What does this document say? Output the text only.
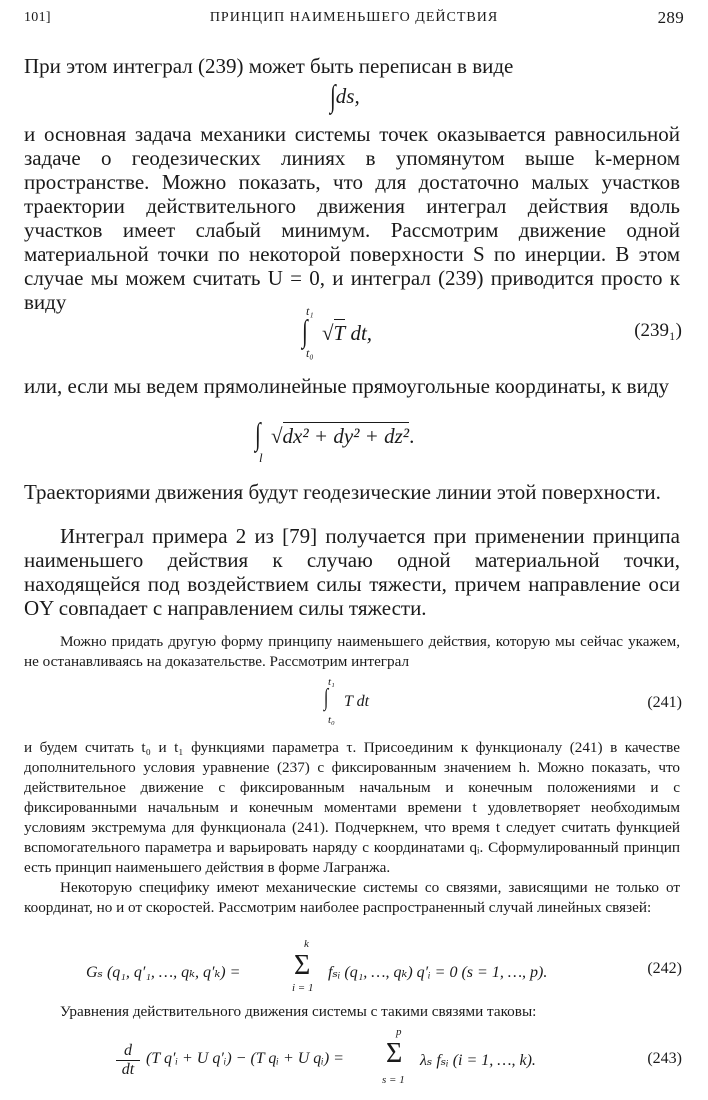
101]	ПРИНЦИП НАИМЕНЬШЕГО ДЕЙСТВИЯ	289

При этом интеграл (239) может быть переписан в виде

∫ds,

и основная задача механики системы точек оказывается равносильной задаче о геодезических линиях в упомянутом выше k-мерном пространстве. Можно показать, что для достаточно малых участков траектории действительного движения интеграл действия вдоль участков имеет слабый минимум. Рассмотрим движение одной материальной точки по некоторой поверхности S по инерции. В этом случае мы можем считать U = 0, и интеграл (239) приводится просто к виду	t₁
∫
t₀
√T dt,	(239₁)

или, если мы ведем прямолинейные прямоугольные координаты, к виду

∫
l
√dx² + dy² + dz².

Траекториями движения будут геодезические линии этой поверхности.

Интеграл примера 2 из [79] получается при применении принципа наименьшего действия к случаю одной материальной точки, находящейся под воздействием силы тяжести, причем направление оси OY совпадает с направлением силы тяжести.

Можно придать другую форму принципу наименьшего действия, которую мы сейчас укажем, не останавливаясь на доказательстве. Рассмотрим интеграл

t₁
∫
t₀
T dt	(241)

и будем считать t₀ и t₁ функциями параметра τ. Присоединим к функционалу (241) в качестве дополнительного условия уравнение (237) с фиксированным значением h. Можно показать, что действительное движение с фиксированным начальным и конечным положениями и с фиксированными начальным и конечным моментами времени t удовлетворяет необходимым условиям экстремума для функционала (241). Подчеркнем, что время t следует считать функцией вспомогательного параметра и варьировать наряду с координатами qᵢ. Сформулированный принцип есть принцип наименьшего действия в форме Лагранжа.

Некоторую специфику имеют механические системы со связями, зависящими не только от координат, но и от скоростей. Рассмотрим наиболее распространенный случай линейных связей:

Gₛ (q₁, q′₁, …, qₖ, q′ₖ) =
k
Σ
i = 1
fₛᵢ (q₁, …, qₖ) q′ᵢ = 0 (s = 1, …, p).	(242)

Уравнения действительного движения системы с такими связями таковы:

$\frac{d}{dt} (T$ q′ᵢ + U q′ᵢ) − (T qᵢ + U qᵢ) =
p
Σ
s = 1
λₛ fₛᵢ (i = 1, …, k).	(243)
